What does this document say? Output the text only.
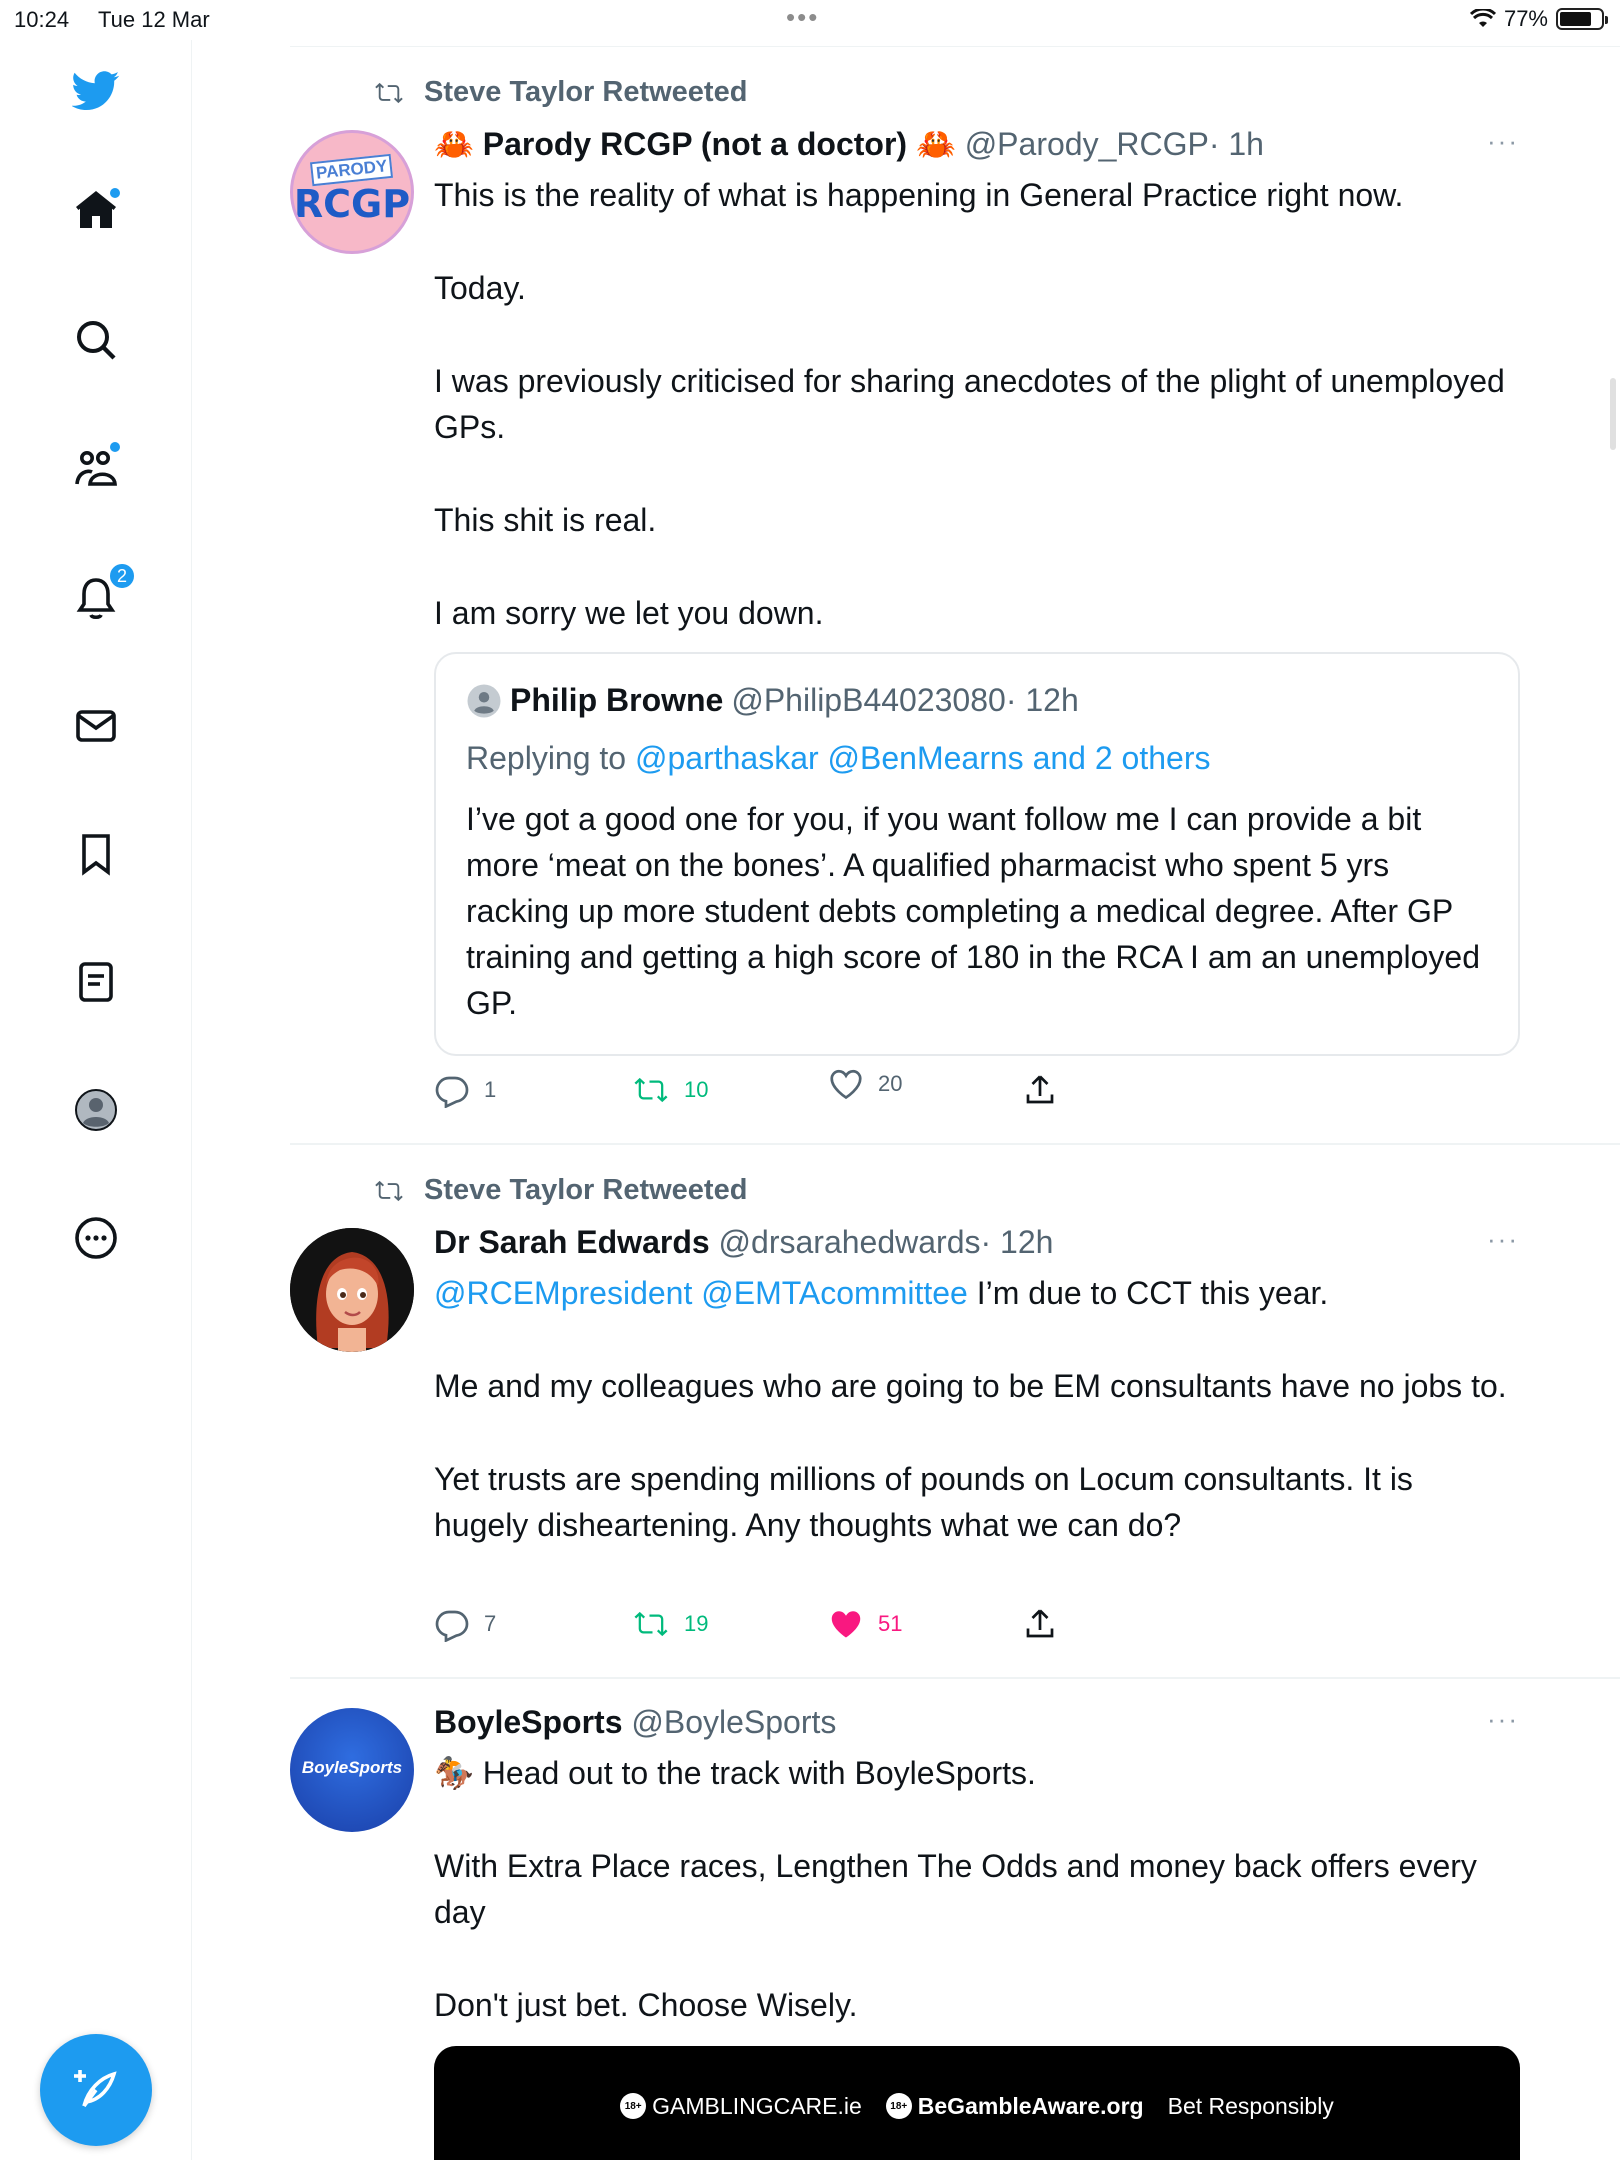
10:24 Tue 12 Mar	•••	77%
2
Steve Taylor Retweeted
PARODY
RCGP
🦀 Parody RCGP (not a doctor) 🦀 @Parody_RCGP· 1h
This is the reality of what is happening in General Practice right now.
Today.
I was previously criticised for sharing anecdotes of the plight of unemployed GPs.
This shit is real.
I am sorry we let you down.
···
Philip Browne @PhilipB44023080 · 12h
Replying to @parthaskar @BenMearns and 2 others
I’ve got a good one for you, if you want follow me I can provide a bit more ‘meat on the bones’. A qualified pharmacist who spent 5 yrs racking up more student debts completing a medical degree. After GP training and getting a high score of 180 in the RCA I am an unemployed GP.
1	10	20
Steve Taylor Retweeted
Dr Sarah Edwards @drsarahedwards· 12h
@RCEMpresident @EMTAcommittee I’m due to CCT this year.
Me and my colleagues who are going to be EM consultants have no jobs to.
Yet trusts are spending millions of pounds on Locum consultants. It is hugely disheartening. Any thoughts what we can do?
···
7	19	51
BoyleSports
BoyleSports @BoyleSports
🏇 Head out to the track with BoyleSports.
With Extra Place races, Lengthen The Odds and money back offers every day
Don't just bet. Choose Wisely.
···
18+ GAMBLINGCARE.ie	18+ BeGambleAware.org Bet Responsibly
